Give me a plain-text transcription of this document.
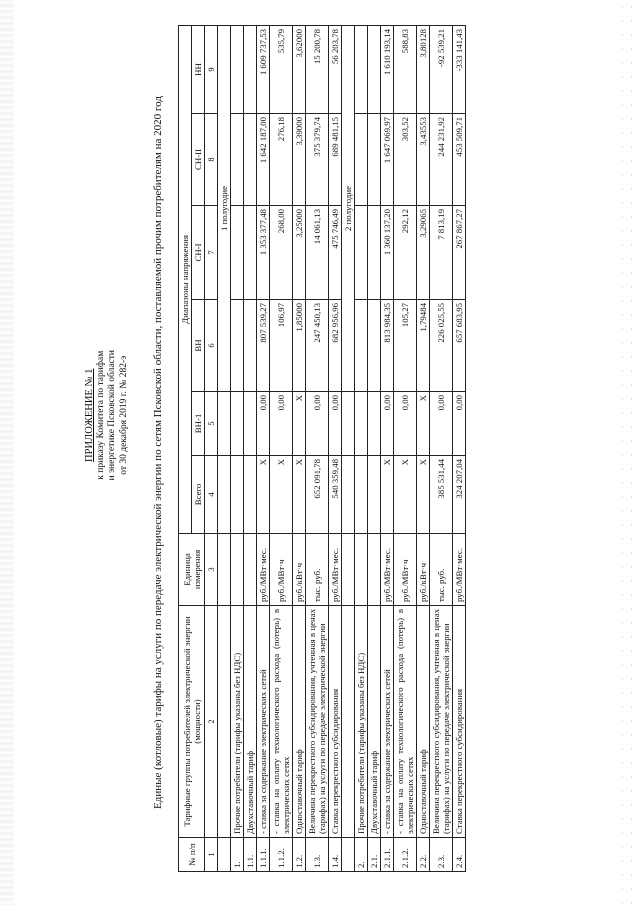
ПРИЛОЖЕНИЕ № 1 к приказу Комитета по тарифам и энергетике Псковской области от 30 декабря 2019 г. № 282-э Единые (котловые) тарифы на услуги по передаче электрической энергии по сетям Псковской области, поставляемой прочим потребителям на 2020 год
№ п/п	Тарифные группы потребителей электрической энергии (мощности)	Единица измерения	Диапазоны напряжения					
			Всего	ВН-1	ВН	СН-I	СН-II	НН
1	2	3	4	5	6	7	8	9
					1 полугодие			
1.	Прочие потребители (тарифы указаны без НДС)							
1.1.	Двухставочный тариф							
1.1.1.	- ставка за содержание электрических сетей	руб./МВт·мес.	X	0,00	807 539,27	1 353 377,48	1 642 187,00	1 609 737,53
1.1.2.	- ставка на оплату технологического расхода (потерь) в электрических сетях	руб./МВт·ч	X	0,00	106,97	268,00	276,18	535,79
1.2.	Одноставочный тариф	руб./кВт·ч	X	X	1,85000	3,25000	3,39000	3,62000
1.3.	Величина перекрестного субсидирования, учтенная в ценах (тарифах) на услуги по передаче электрической энергии	тыс. руб.	652 091,78	0,00	247 450,13	14 061,13	375 379,74	15 200,78
1.4.	Ставка перекрестного субсидирования	руб./МВт·мес.	540 359,48	0,00	682 956,96	475 746,49	689 481,15	56 203,78
					2 полугодие			
2.	Прочие потребители (тарифы указаны без НДС)							
2.1.	Двухставочный тариф							
2.1.1.	- ставка за содержание электрических сетей	руб./МВт·мес.	X	0,00	813 984,35	1 360 137,20	1 647 069,97	1 610 193,14
2.1.2.	- ставка на оплату технологического расхода (потерь) в электрических сетях	руб./МВт·ч	X	0,00	105,27	292,12	303,52	588,83
2.2.	Одноставочный тариф	руб./кВт·ч	X	X	1,79484	3,29065	3,43553	3,80128
2.3.	Величина перекрестного субсидирования, учтенная в ценах (тарифах) на услуги по передаче электрической энергии	тыс. руб.	385 531,44	0,00	226 025,55	7 813,19	244 231,92	-92 539,21
2.4.	Ставка перекрестного субсидирования	руб./МВт·мес.	324 207,04	0,00	657 683,95	267 867,27	453 509,71	-333 141,43
